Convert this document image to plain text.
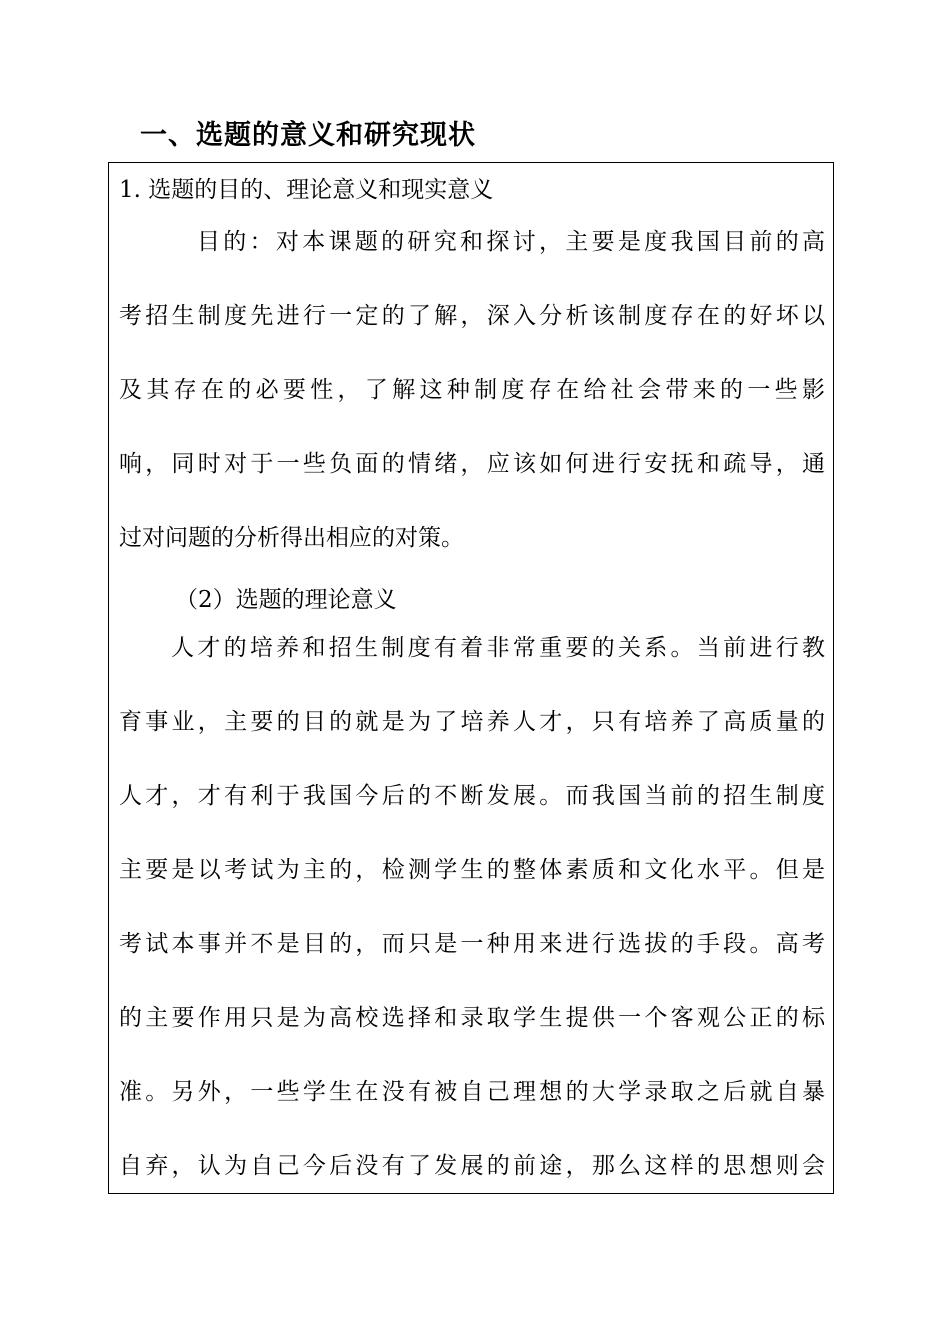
一、选题的意义和研究现状
1. 选题的目的、理论意义和现实意义
目的：对本课题的研究和探讨，主要是度我国目前的高
考招生制度先进行一定的了解，深入分析该制度存在的好坏以
及其存在的必要性，了解这种制度存在给社会带来的一些影
响，同时对于一些负面的情绪，应该如何进行安抚和疏导，通
过对问题的分析得出相应的对策。
（2）选题的理论意义
人才的培养和招生制度有着非常重要的关系。当前进行教
育事业，主要的目的就是为了培养人才，只有培养了高质量的
人才，才有利于我国今后的不断发展。而我国当前的招生制度
主要是以考试为主的，检测学生的整体素质和文化水平。但是
考试本事并不是目的，而只是一种用来进行选拔的手段。高考
的主要作用只是为高校选择和录取学生提供一个客观公正的标
准。另外，一些学生在没有被自己理想的大学录取之后就自暴
自弃，认为自己今后没有了发展的前途，那么这样的思想则会
